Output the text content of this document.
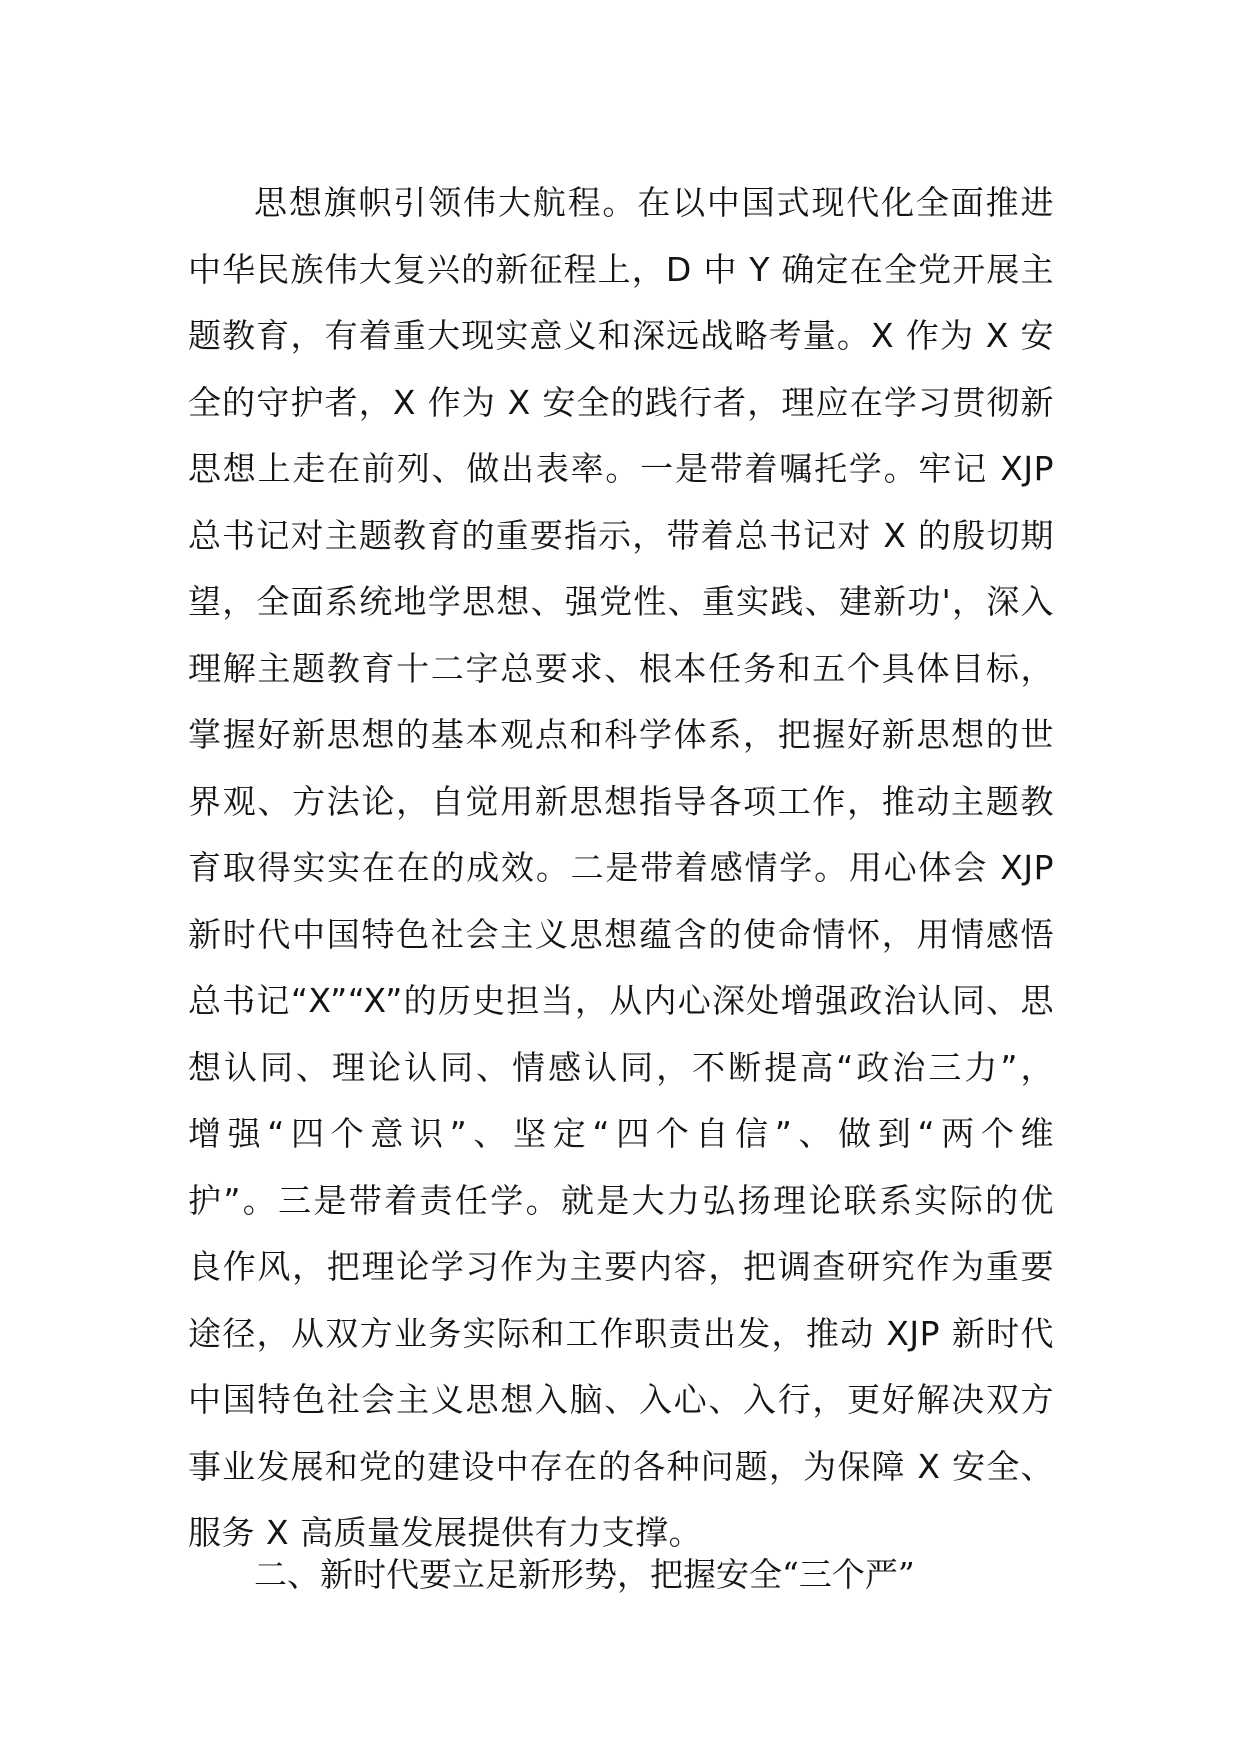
思想旗帜引领伟大航程。在以中国式现代化全面推进
中华民族伟大复兴的新征程上，D 中 Y 确定在全党开展主
题教育，有着重大现实意义和深远战略考量。X 作为 X 安
全的守护者，X 作为 X 安全的践行者，理应在学习贯彻新
思想上走在前列、做出表率。一是带着嘱托学。牢记 XJP
总书记对主题教育的重要指示，带着总书记对 X 的殷切期
望，全面系统地学思想、强党性、重实践、建新功'，深入
理解主题教育十二字总要求、根本任务和五个具体目标，
掌握好新思想的基本观点和科学体系，把握好新思想的世
界观、方法论，自觉用新思想指导各项工作，推动主题教
育取得实实在在的成效。二是带着感情学。用心体会 XJP
新时代中国特色社会主义思想蕴含的使命情怀，用情感悟
总书记“X”“X”的历史担当，从内心深处增强政治认同、思
想认同、理论认同、情感认同，不断提高“政治三力”，
增强“四个意识”、坚定“四个自信”、做到“两个维
护”。三是带着责任学。就是大力弘扬理论联系实际的优
良作风，把理论学习作为主要内容，把调查研究作为重要
途径，从双方业务实际和工作职责出发，推动 XJP 新时代
中国特色社会主义思想入脑、入心、入行，更好解决双方
事业发展和党的建设中存在的各种问题，为保障 X 安全、
服务 X 高质量发展提供有力支撑。
二、新时代要立足新形势，把握安全“三个严”
